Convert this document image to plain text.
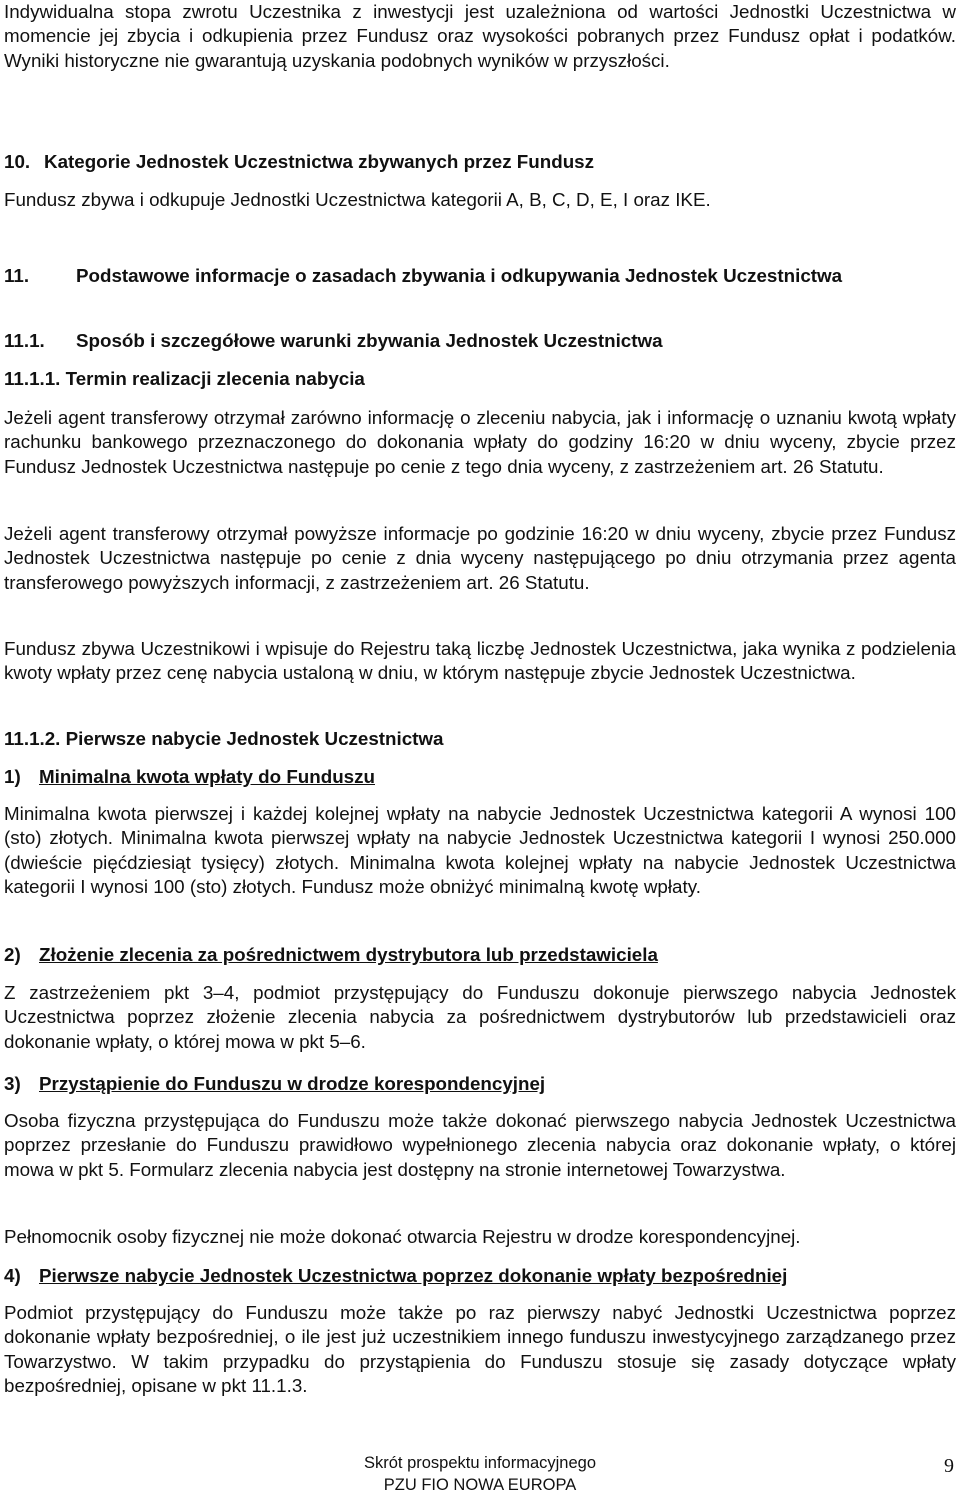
Indywidualna stopa zwrotu Uczestnika z inwestycji jest uzależniona od wartości Jednostki Uczestnictwa w momencie jej zbycia i odkupienia przez Fundusz oraz wysokości pobranych przez Fundusz opłat i podatków. Wyniki historyczne nie gwarantują uzyskania podobnych wyników w przyszłości.

10. Kategorie Jednostek Uczestnictwa zbywanych przez Fundusz

Fundusz zbywa i odkupuje Jednostki Uczestnictwa kategorii A, B, C, D, E, I oraz IKE.

11.	Podstawowe informacje o zasadach zbywania i odkupywania Jednostek Uczestnictwa
11.1.	Sposób i szczegółowe warunki zbywania Jednostek Uczestnictwa
11.1.1. Termin realizacji zlecenia nabycia

Jeżeli agent transferowy otrzymał zarówno informację o zleceniu nabycia, jak i informację o uznaniu kwotą wpłaty rachunku bankowego przeznaczonego do dokonania wpłaty do godziny 16:20 w dniu wyceny, zbycie przez Fundusz Jednostek Uczestnictwa następuje po cenie z tego dnia wyceny, z zastrzeżeniem art. 26 Statutu.

Jeżeli agent transferowy otrzymał powyższe informacje po godzinie 16:20 w dniu wyceny, zbycie przez Fundusz Jednostek Uczestnictwa następuje po cenie z dnia wyceny następującego po dniu otrzymania przez agenta transferowego powyższych informacji, z zastrzeżeniem art. 26 Statutu.

Fundusz zbywa Uczestnikowi i wpisuje do Rejestru taką liczbę Jednostek Uczestnictwa, jaka wynika z podzielenia kwoty wpłaty przez cenę nabycia ustaloną w dniu, w którym następuje zbycie Jednostek Uczestnictwa.

11.1.2. Pierwsze nabycie Jednostek Uczestnictwa
1) Minimalna kwota wpłaty do Funduszu

Minimalna kwota pierwszej i każdej kolejnej wpłaty na nabycie Jednostek Uczestnictwa kategorii A wynosi 100 (sto) złotych. Minimalna kwota pierwszej wpłaty na nabycie Jednostek Uczestnictwa kategorii I wynosi 250.000 (dwieście pięćdziesiąt tysięcy) złotych. Minimalna kwota kolejnej wpłaty na nabycie Jednostek Uczestnictwa kategorii I wynosi 100 (sto) złotych. Fundusz może obniżyć minimalną kwotę wpłaty.

2) Złożenie zlecenia za pośrednictwem dystrybutora lub przedstawiciela

Z zastrzeżeniem pkt 3–4, podmiot przystępujący do Funduszu dokonuje pierwszego nabycia Jednostek Uczestnictwa poprzez złożenie zlecenia nabycia za pośrednictwem dystrybutorów lub przedstawicieli oraz dokonanie wpłaty, o której mowa w pkt 5–6.

3) Przystąpienie do Funduszu w drodze korespondencyjnej

Osoba fizyczna przystępująca do Funduszu może także dokonać pierwszego nabycia Jednostek Uczestnictwa poprzez przesłanie do Funduszu prawidłowo wypełnionego zlecenia nabycia oraz dokonanie wpłaty, o której mowa w pkt 5. Formularz zlecenia nabycia jest dostępny na stronie internetowej Towarzystwa.

Pełnomocnik osoby fizycznej nie może dokonać otwarcia Rejestru w drodze korespondencyjnej.

4) Pierwsze nabycie Jednostek Uczestnictwa poprzez dokonanie wpłaty bezpośredniej

Podmiot przystępujący do Funduszu może także po raz pierwszy nabyć Jednostki Uczestnictwa poprzez dokonanie wpłaty bezpośredniej, o ile jest już uczestnikiem innego funduszu inwestycyjnego zarządzanego przez Towarzystwo. W takim przypadku do przystąpienia do Funduszu stosuje się zasady dotyczące wpłaty bezpośredniej, opisane w pkt 11.1.3.

Skrót prospektu informacyjnego
PZU FIO NOWA EUROPA
9
